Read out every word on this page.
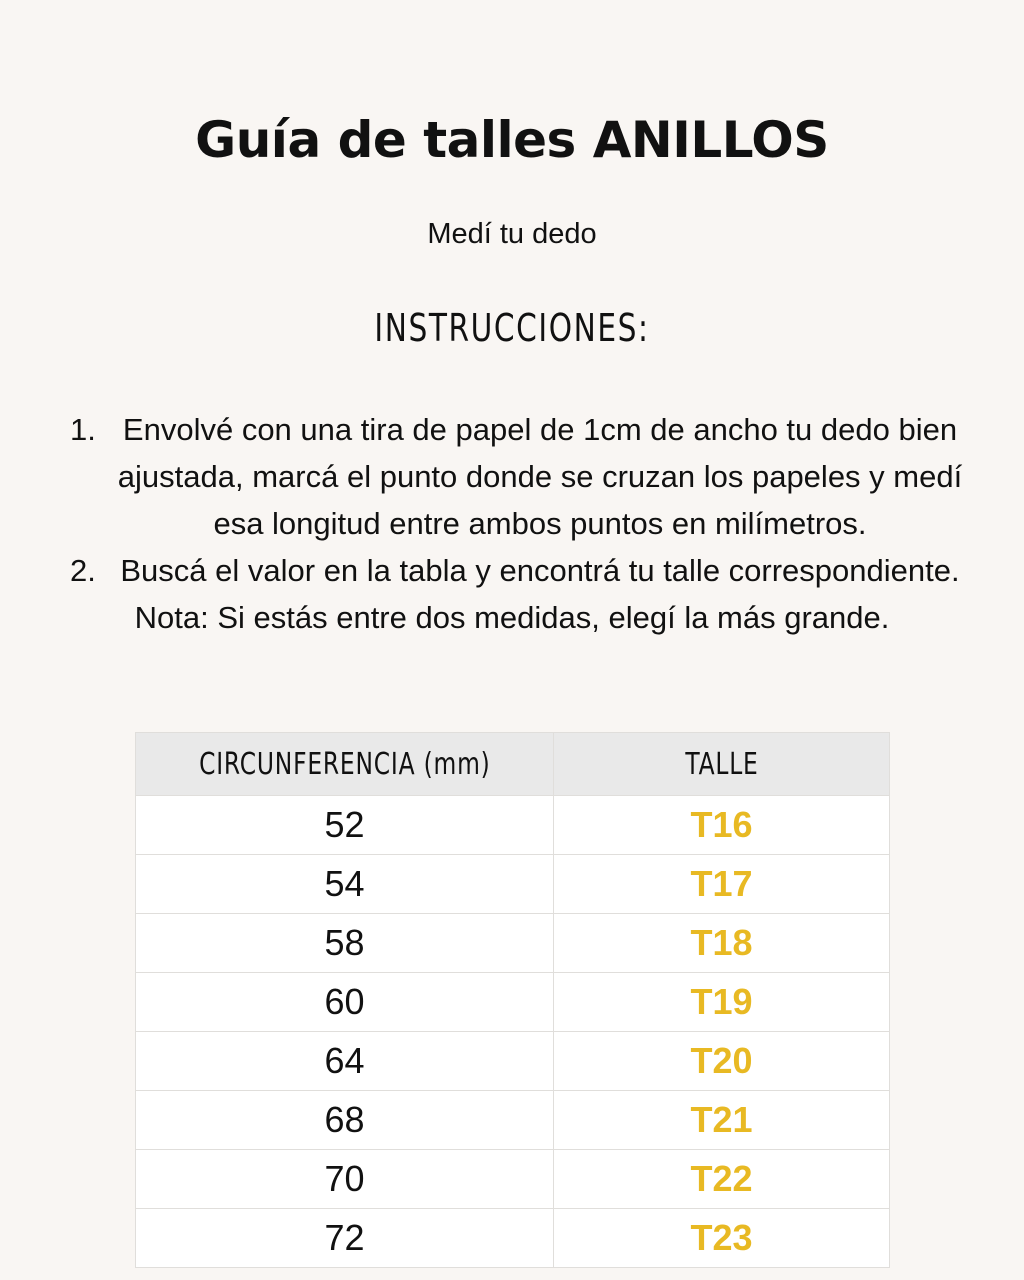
Guía de talles ANILLOS
Medí tu dedo
INSTRUCCIONES:
1. Envolvé con una tira de papel de 1cm de ancho tu dedo bien ajustada, marcá el punto donde se cruzan los papeles y medí esa longitud entre ambos puntos en milímetros.
2. Buscá el valor en la tabla y encontrá tu talle correspondiente.
Nota: Si estás entre dos medidas, elegí la más grande.
CIRCUNFERENCIA (mm)	TALLE
52	T16
54	T17
58	T18
60	T19
64	T20
68	T21
70	T22
72	T23
